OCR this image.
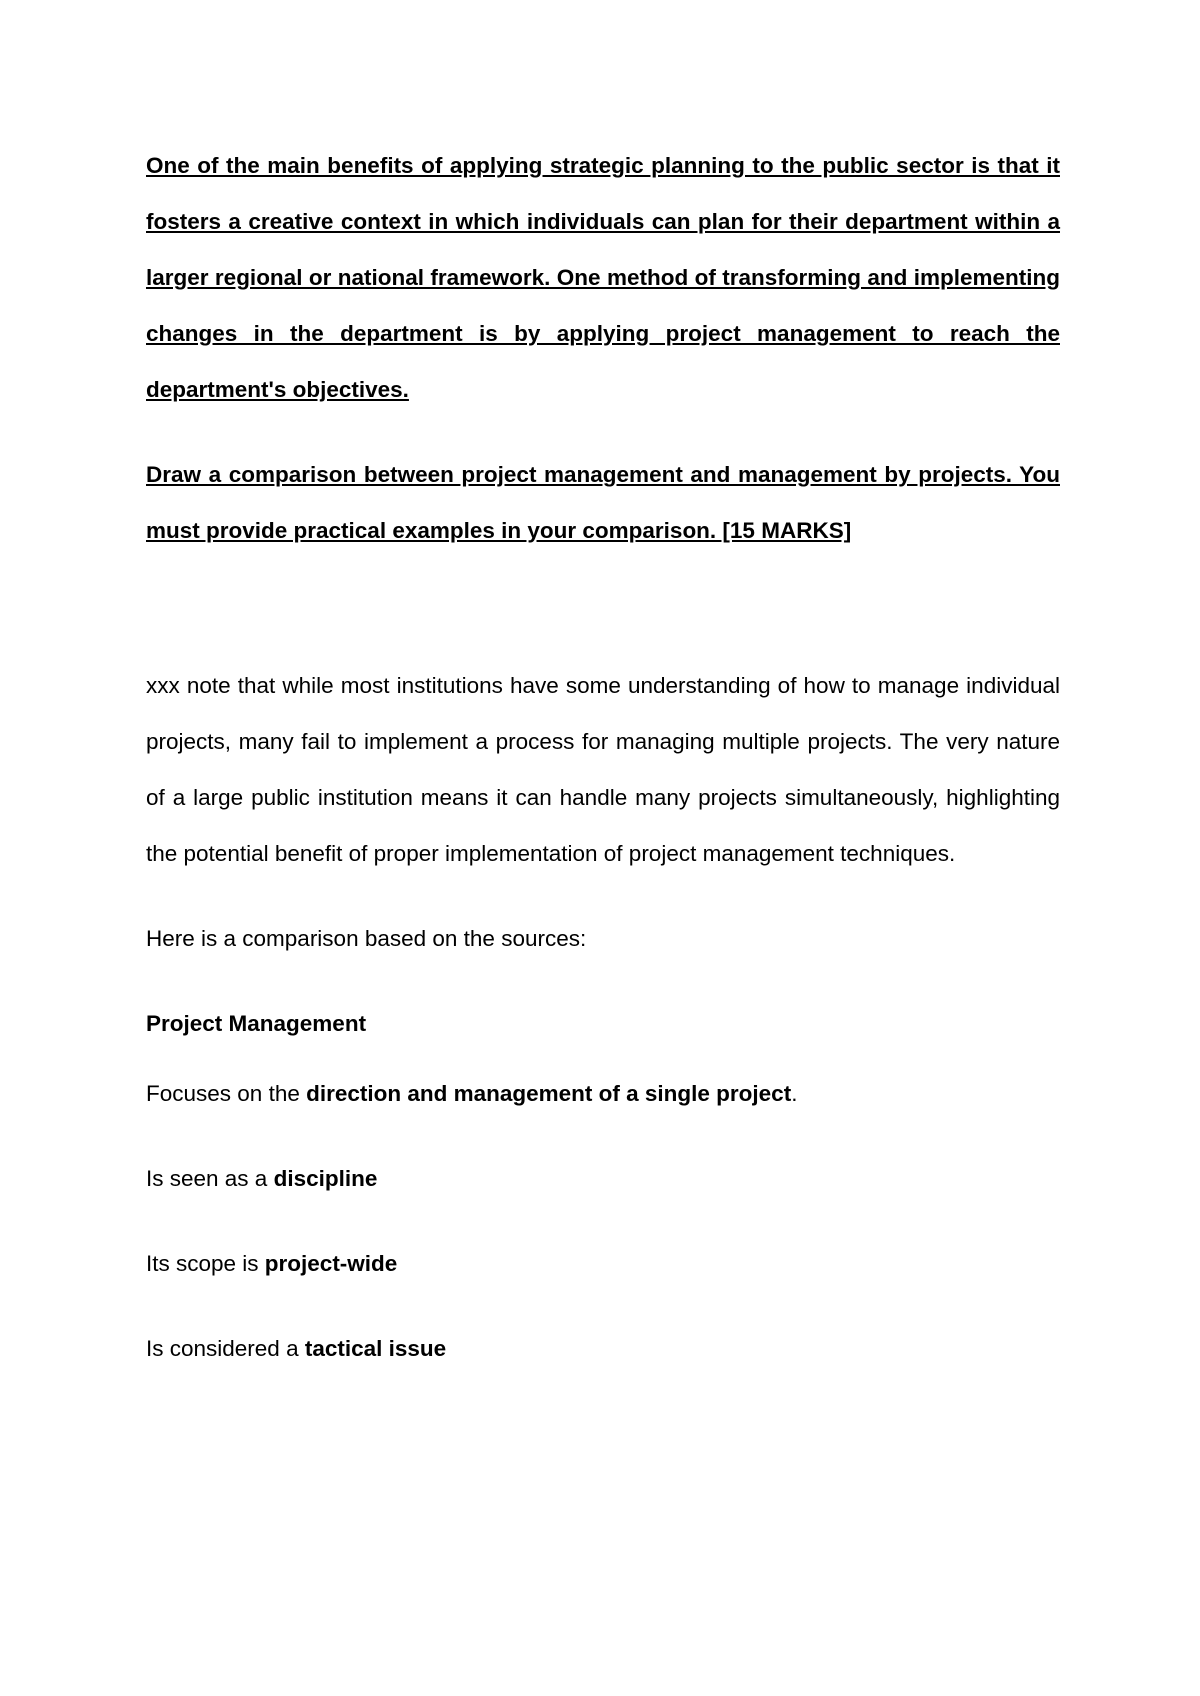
One of the main benefits of applying strategic planning to the public sector is that it fosters a creative context in which individuals can plan for their department within a larger regional or national framework. One method of transforming and implementing changes in the department is by applying project management to reach the department's objectives.

Draw a comparison between project management and management by projects. You must provide practical examples in your comparison. [15 MARKS]

xxx note that while most institutions have some understanding of how to manage individual projects, many fail to implement a process for managing multiple projects. The very nature of a large public institution means it can handle many projects simultaneously, highlighting the potential benefit of proper implementation of project management techniques.

Here is a comparison based on the sources:

Project Management

Focuses on the direction and management of a single project.

Is seen as a discipline

Its scope is project-wide

Is considered a tactical issue
